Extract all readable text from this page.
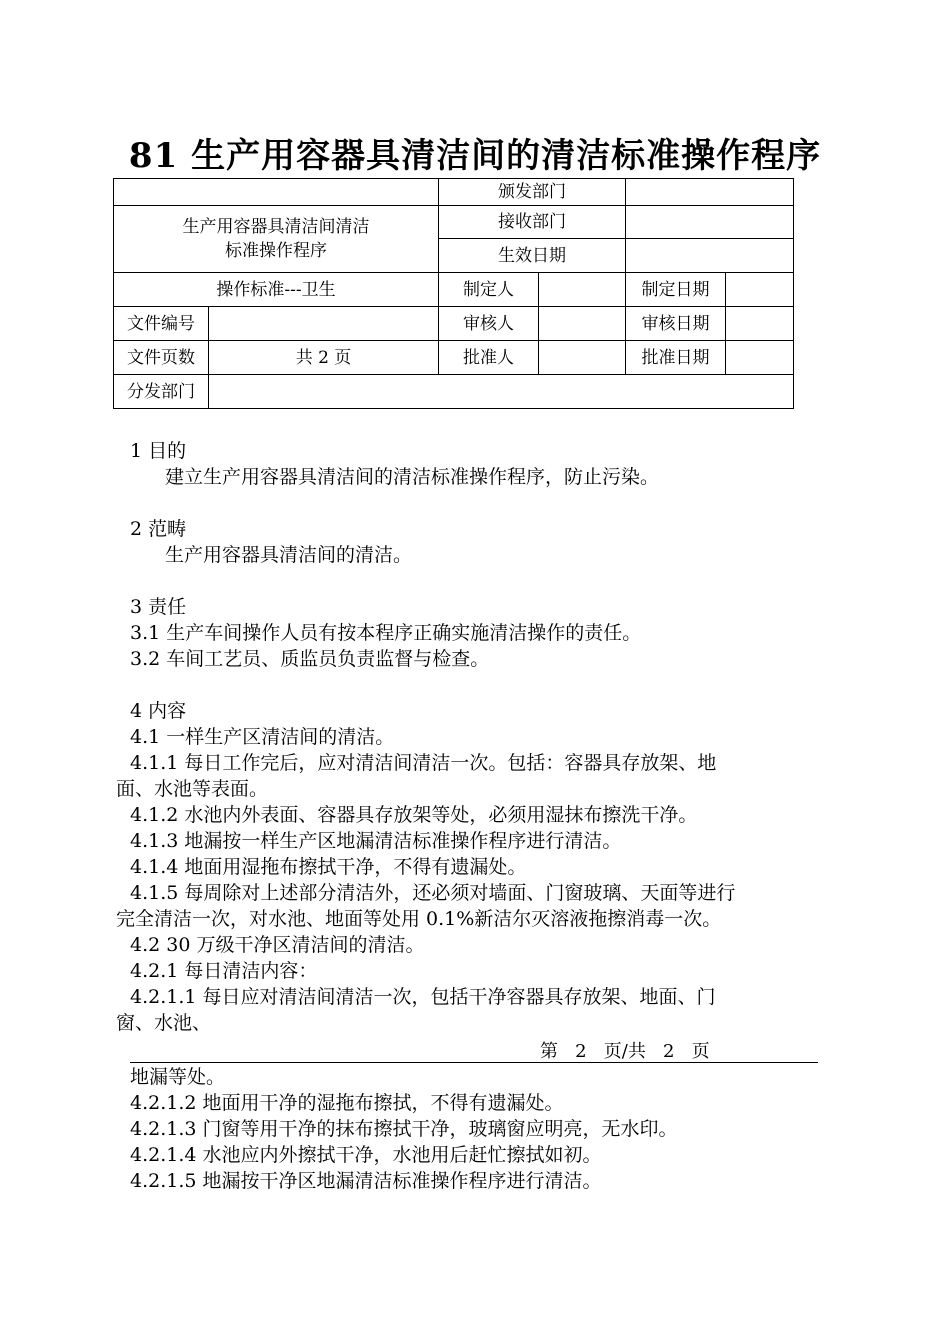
81 生产用容器具清洁间的清洁标准操作程序
		颁发部门			

生产用容器具清洁间清洁
标准操作程序		接收部门			
		生效日期			
操作标准---卫生		制定人		制定日期	
文件编号		审核人		审核日期	
文件页数	共 2 页	批准人		批准日期	
分发部门					
1 目的
建立生产用容器具清洁间的清洁标准操作程序，防止污染。
2 范畴
生产用容器具清洁间的清洁。
3 责任
3.1 生产车间操作人员有按本程序正确实施清洁操作的责任。
3.2 车间工艺员、质监员负责监督与检查。
4 内容
4.1 一样生产区清洁间的清洁。
4.1.1 每日工作完后，应对清洁间清洁一次。包括：容器具存放架、地
面、水池等表面。
4.1.2 水池内外表面、容器具存放架等处，必须用湿抹布擦洗干净。
4.1.3 地漏按一样生产区地漏清洁标准操作程序进行清洁。
4.1.4 地面用湿拖布擦拭干净，不得有遗漏处。
4.1.5 每周除对上述部分清洁外，还必须对墙面、门窗玻璃、天面等进行
完全清洁一次，对水池、地面等处用 0.1%新洁尔灭溶液拖擦消毒一次。
4.2 30 万级干净区清洁间的清洁。
4.2.1 每日清洁内容：
4.2.1.1 每日应对清洁间清洁一次，包括干净容器具存放架、地面、门
窗、水池、
第   2   页/共   2   页
地漏等处。
4.2.1.2 地面用干净的湿拖布擦拭，不得有遗漏处。
4.2.1.3 门窗等用干净的抹布擦拭干净，玻璃窗应明亮，无水印。
4.2.1.4 水池应内外擦拭干净，水池用后赶忙擦拭如初。
4.2.1.5 地漏按干净区地漏清洁标准操作程序进行清洁。
